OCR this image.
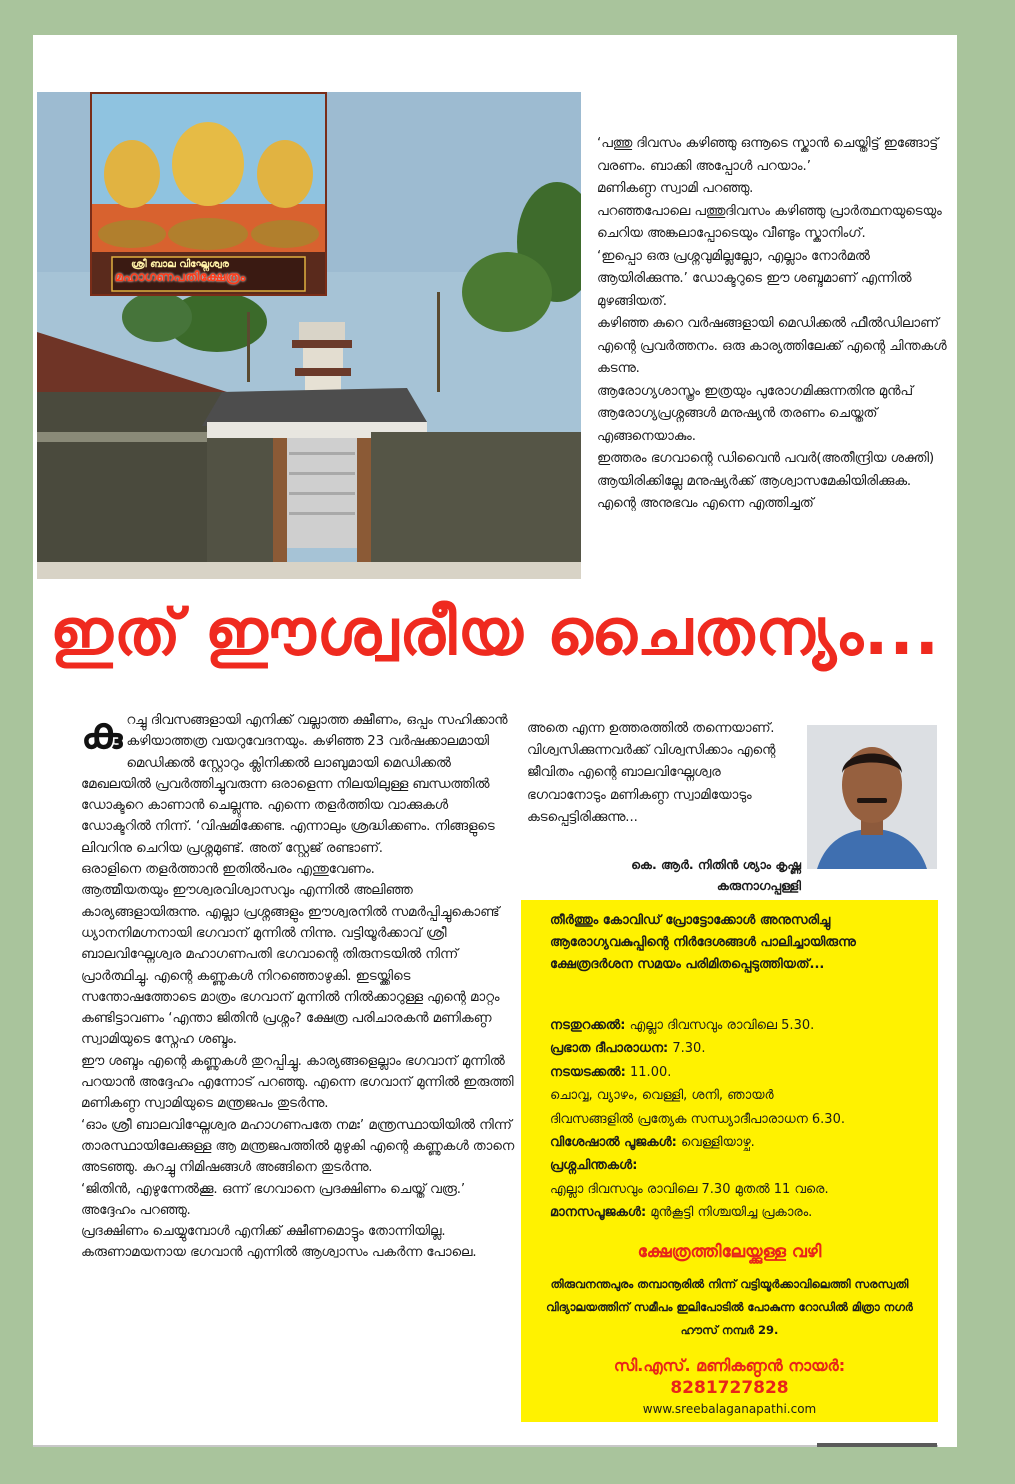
ശ്രീ ബാല വിഘ്നേശ്വര
മഹാഗണപതിക്ഷേത്രം

‘പത്തു ദിവസം കഴിഞ്ഞു ഒന്നൂടെ സ്കാൻ ചെയ്തിട്ട് ഇങ്ങോട്ട് വരണം. ബാക്കി അപ്പോൾ പറയാം.’

മണികണ്ഠ സ്വാമി പറഞ്ഞു.

പറഞ്ഞപോലെ പത്തുദിവസം കഴിഞ്ഞു പ്രാർത്ഥനയുടെയും ചെറിയ അങ്കലാപ്പോടെയും വീണ്ടും സ്കാനിംഗ്.

‘ഇപ്പൊ ഒരു പ്രശ്നവുമില്ലല്ലോ, എല്ലാം നോർമൽ ആയിരിക്കുന്നു.’ ഡോക്ടറുടെ ഈ ശബ്ദമാണ് എന്നിൽ മുഴങ്ങിയത്.

കഴിഞ്ഞ കുറെ വർഷങ്ങളായി മെഡിക്കൽ ഫീൽഡിലാണ് എന്റെ പ്രവർത്തനം. ഒരു കാര്യത്തിലേക്ക് എന്റെ ചിന്തകൾ കടന്നു.

ആരോഗ്യശാസ്ത്രം ഇത്രയും പുരോഗമിക്കുന്നതിനു മുൻപ് ആരോഗ്യപ്രശ്നങ്ങൾ മനുഷ്യൻ തരണം ചെയ്തത് എങ്ങനെയാകും.

ഇത്തരം ഭഗവാന്റെ ഡിവൈൻ പവർ(അതീന്ദ്രിയ ശക്തി) ആയിരിക്കില്ലേ മനുഷ്യർക്ക് ആശ്വാസമേകിയിരിക്കുക.

എന്റെ അനുഭവം എന്നെ എത്തിച്ചത്

ഇത് ഈശ്വരീയ ചൈതന്യം...

കുറച്ചു ദിവസങ്ങളായി എനിക്ക് വല്ലാത്ത ക്ഷീണം, ഒപ്പം സഹിക്കാൻ കഴിയാത്തത്ര വയറുവേദനയും. കഴിഞ്ഞ 23 വർഷക്കാലമായി മെഡിക്കൽ സ്റ്റോറും ക്ലിനിക്കൽ ലാബുമായി മെഡിക്കൽ മേഖലയിൽ പ്രവർത്തിച്ചുവരുന്ന ഒരാളെന്ന നിലയിലുള്ള ബന്ധത്തിൽ ഡോക്ടറെ കാണാൻ ചെല്ലുന്നു. എന്നെ തളർത്തിയ വാക്കുകൾ ഡോക്ടറിൽ നിന്ന്. ‘വിഷമിക്കേണ്ട. എന്നാലും ശ്രദ്ധിക്കണം. നിങ്ങളുടെ ലിവറിനു ചെറിയ പ്രശ്നമുണ്ട്. അത് സ്റ്റേജ് രണ്ടാണ്.

ഒരാളിനെ തളർത്താൻ ഇതിൽപരം എന്തുവേണം.

ആത്മീയതയും ഈശ്വരവിശ്വാസവും എന്നിൽ അലിഞ്ഞ കാര്യങ്ങളായിരുന്നു. എല്ലാ പ്രശ്നങ്ങളും ഈശ്വരനിൽ സമർപ്പിച്ചുകൊണ്ട് ധ്യാനനിമഗ്നനായി ഭഗവാന് മുന്നിൽ നിന്നു. വട്ടിയൂർക്കാവ് ശ്രീ ബാലവിഘ്നേശ്വര മഹാഗണപതി ഭഗവാന്റെ തിരുനടയിൽ നിന്ന് പ്രാർത്ഥിച്ചു. എന്റെ കണ്ണുകൾ നിറഞ്ഞൊഴുകി. ഇടയ്ക്കിടെ സന്തോഷത്തോടെ മാത്രം ഭഗവാന് മുന്നിൽ നിൽക്കാറുള്ള എന്റെ മാറ്റം കണ്ടിട്ടാവണം ‘എന്താ ജിതിൻ പ്രശ്നം? ക്ഷേത്ര പരിചാരകൻ മണികണ്ഠ സ്വാമിയുടെ സ്നേഹ ശബ്ദം.

ഈ ശബ്ദം എന്റെ കണ്ണുകൾ തുറപ്പിച്ചു. കാര്യങ്ങളെല്ലാം ഭഗവാന് മുന്നിൽ പറയാൻ അദ്ദേഹം എന്നോട് പറഞ്ഞു. എന്നെ ഭഗവാന് മുന്നിൽ ഇരുത്തി മണികണ്ഠ സ്വാമിയുടെ മന്ത്രജപം തുടർന്നു.

‘ഓം ശ്രീ ബാലവിഘ്നേശ്വര മഹാഗണപതേ നമഃ’ മന്ത്രസ്ഥായിയിൽ നിന്ന് താരസ്ഥായിലേക്കുള്ള ആ മന്ത്രജപത്തിൽ മുഴുകി എന്റെ കണ്ണുകൾ താനെ അടഞ്ഞു. കുറച്ചു നിമിഷങ്ങൾ അങ്ങിനെ തുടർന്നു.

‘ജിതിൻ, എഴുന്നേൽക്കൂ. ഒന്ന് ഭഗവാനെ പ്രദക്ഷിണം ചെയ്ത് വരൂ.’ അദ്ദേഹം പറഞ്ഞു.

പ്രദക്ഷിണം ചെയ്യുമ്പോൾ എനിക്ക് ക്ഷീണമൊട്ടും തോന്നിയില്ല. കരുണാമയനായ ഭഗവാൻ എന്നിൽ ആശ്വാസം പകർന്ന പോലെ.

അതെ എന്ന ഉത്തരത്തിൽ തന്നെയാണ്. വിശ്വസിക്കുന്നവർക്ക് വിശ്വസിക്കാം എന്റെ ജീവിതം എന്റെ ബാലവിഘ്നേശ്വര ഭഗവാനോടും മണികണ്ഠ സ്വാമിയോടും കടപ്പെട്ടിരിക്കുന്നു...

കെ. ആർ. നിതിൻ ശ്യാം കൃഷ്ണ
കരുനാഗപ്പള്ളി

തീർത്തും കോവിഡ് പ്രോട്ടോക്കോൾ അനുസരിച്ചു ആരോഗ്യവകുപ്പിന്റെ നിർദേശങ്ങൾ പാലിച്ചായിരുന്നു ക്ഷേത്രദർശന സമയം പരിമിതപ്പെടുത്തിയത്...

നടതുറക്കൽ: എല്ലാ ദിവസവും രാവിലെ 5.30.

പ്രഭാത ദീപാരാധന: 7.30.

നടയടക്കൽ: 11.00.

ചൊവ്വ, വ്യാഴം, വെള്ളി, ശനി, ഞായർ

ദിവസങ്ങളിൽ പ്രത്യേക സന്ധ്യാദീപാരാധന 6.30.

വിശേഷാൽ പൂജകൾ: വെള്ളിയാഴ്ച.

പ്രശ്നചിന്തകൾ:

എല്ലാ ദിവസവും രാവിലെ 7.30 മുതൽ 11 വരെ.

മാനസപൂജകൾ: മുൻകൂട്ടി നിശ്ചയിച്ച പ്രകാരം.

ക്ഷേത്രത്തിലേയ്ക്കുള്ള വഴി

തിരുവനന്തപുരം തമ്പാനൂരിൽ നിന്ന് വട്ടിയൂർക്കാവിലെത്തി സരസ്വതി വിദ്യാലയത്തിന് സമീപം ഇലിപോടിൽ പോകുന്ന റോഡിൽ മിത്രാ നഗർ ഹൗസ് നമ്പർ 29.

സി.എസ്. മണികണ്ഠൻ നായർ:
8281727828
www.sreebalaganapathi.com
